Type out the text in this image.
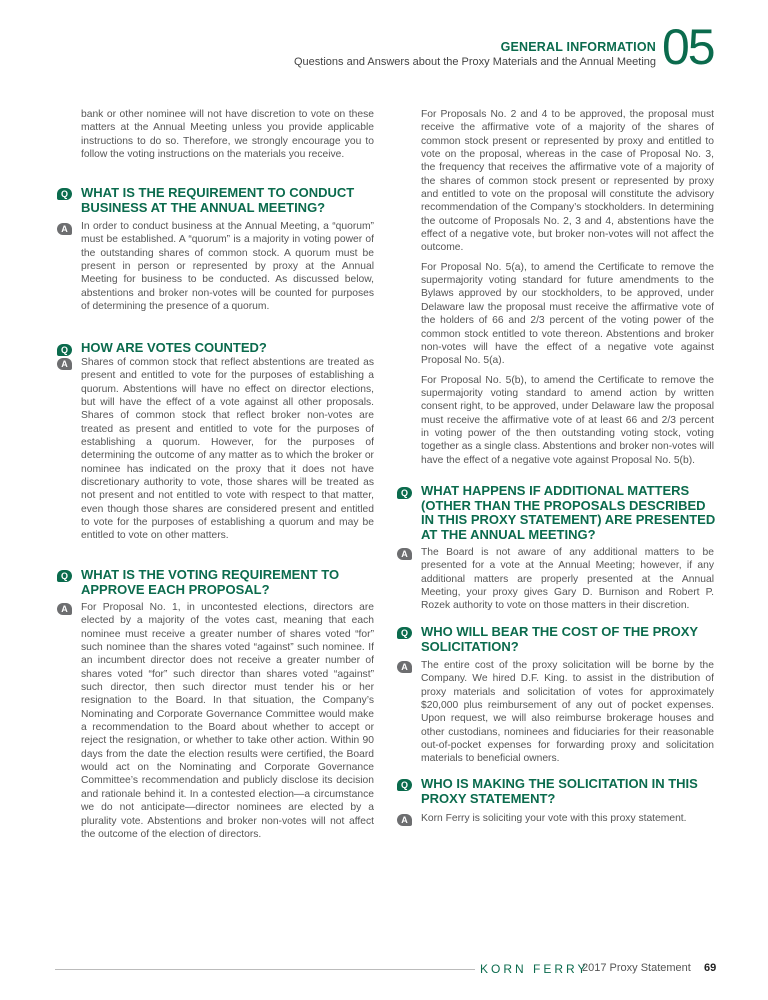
GENERAL INFORMATION
Questions and Answers about the Proxy Materials and the Annual Meeting 05
bank or other nominee will not have discretion to vote on these matters at the Annual Meeting unless you provide applicable instructions to do so. Therefore, we strongly encourage you to follow the voting instructions on the materials you receive.
Q	WHAT IS THE REQUIREMENT TO CONDUCT BUSINESS AT THE ANNUAL MEETING?
A	In order to conduct business at the Annual Meeting, a “quorum” must be established. A “quorum” is a majority in voting power of the outstanding shares of common stock. A quorum must be present in person or represented by proxy at the Annual Meeting for business to be conducted. As discussed below, abstentions and broker non-votes will be counted for purposes of determining the presence of a quorum.
Q	HOW ARE VOTES COUNTED?
A	Shares of common stock that reflect abstentions are treated as present and entitled to vote for the purposes of establishing a quorum. Abstentions will have no effect on director elections, but will have the effect of a vote against all other proposals. Shares of common stock that reflect broker non-votes are treated as present and entitled to vote for the purposes of establishing a quorum. However, for the purposes of determining the outcome of any matter as to which the broker or nominee has indicated on the proxy that it does not have discretionary authority to vote, those shares will be treated as not present and not entitled to vote with respect to that matter, even though those shares are considered present and entitled to vote for the purposes of establishing a quorum and may be entitled to vote on other matters.
Q	WHAT IS THE VOTING REQUIREMENT TO APPROVE EACH PROPOSAL?
A	For Proposal No. 1, in uncontested elections, directors are elected by a majority of the votes cast, meaning that each nominee must receive a greater number of shares voted “for” such nominee than the shares voted “against” such nominee. If an incumbent director does not receive a greater number of shares voted “for” such director than shares voted “against” such director, then such director must tender his or her resignation to the Board. In that situation, the Company’s Nominating and Corporate Governance Committee would make a recommendation to the Board about whether to accept or reject the resignation, or whether to take other action. Within 90 days from the date the election results were certified, the Board would act on the Nominating and Corporate Governance Committee’s recommendation and publicly disclose its decision and rationale behind it. In a contested election—a circumstance we do not anticipate—director nominees are elected by a plurality vote. Abstentions and broker non-votes will not affect the outcome of the election of directors.

For Proposals No. 2 and 4 to be approved, the proposal must receive the affirmative vote of a majority of the shares of common stock present or represented by proxy and entitled to vote on the proposal, whereas in the case of Proposal No. 3, the frequency that receives the affirmative vote of a majority of the shares of common stock present or represented by proxy and entitled to vote on the proposal will constitute the advisory recommendation of the Company’s stockholders. In determining the outcome of Proposals No. 2, 3 and 4, abstentions have the effect of a negative vote, but broker non-votes will not affect the outcome.

For Proposal No. 5(a), to amend the Certificate to remove the supermajority voting standard for future amendments to the Bylaws approved by our stockholders, to be approved, under Delaware law the proposal must receive the affirmative vote of the holders of 66 and 2/3 percent of the voting power of the common stock entitled to vote thereon. Abstentions and broker non-votes will have the effect of a negative vote against Proposal No. 5(a).

For Proposal No. 5(b), to amend the Certificate to remove the supermajority voting standard to amend action by written consent right, to be approved, under Delaware law the proposal must receive the affirmative vote of at least 66 and 2/3 percent in voting power of the then outstanding voting stock, voting together as a single class. Abstentions and broker non-votes will have the effect of a negative vote against Proposal No. 5(b).

Q	WHAT HAPPENS IF ADDITIONAL MATTERS (OTHER THAN THE PROPOSALS DESCRIBED IN THIS PROXY STATEMENT) ARE PRESENTED AT THE ANNUAL MEETING?
A	The Board is not aware of any additional matters to be presented for a vote at the Annual Meeting; however, if any additional matters are properly presented at the Annual Meeting, your proxy gives Gary D. Burnison and Robert P. Rozek authority to vote on those matters in their discretion.
Q	WHO WILL BEAR THE COST OF THE PROXY SOLICITATION?
A	The entire cost of the proxy solicitation will be borne by the Company. We hired D.F. King. to assist in the distribution of proxy materials and solicitation of votes for approximately $20,000 plus reimbursement of any out of pocket expenses. Upon request, we will also reimburse brokerage houses and other custodians, nominees and fiduciaries for their reasonable out-of-pocket expenses for forwarding proxy and solicitation materials to beneficial owners.
Q	WHO IS MAKING THE SOLICITATION IN THIS PROXY STATEMENT?
A	Korn Ferry is soliciting your vote with this proxy statement.
KORN FERRY
2017 Proxy Statement 69
